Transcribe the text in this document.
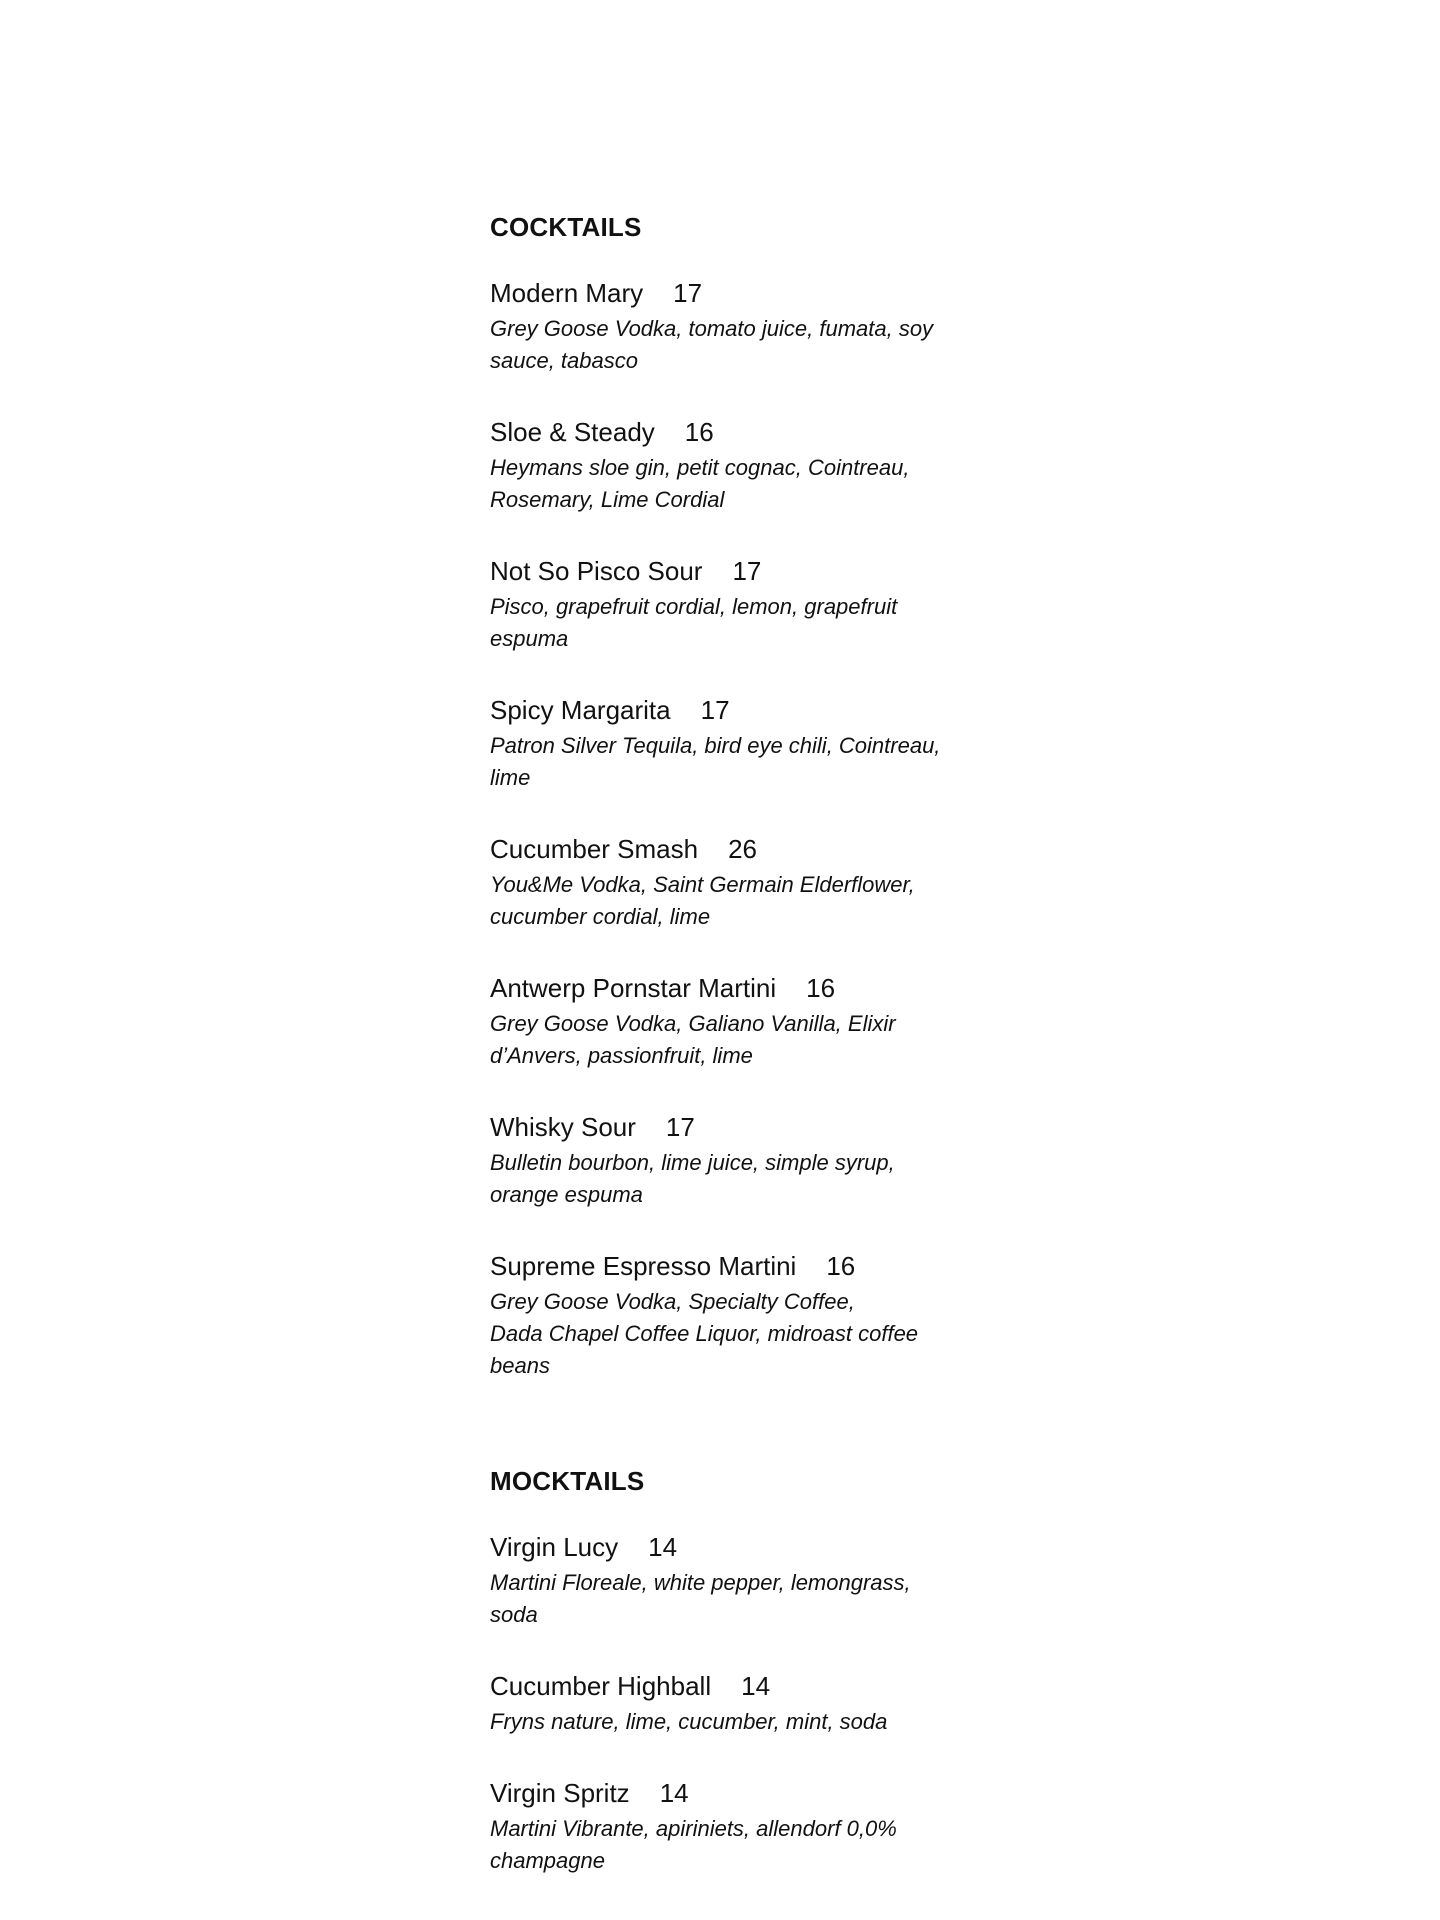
COCKTAILS
Modern Mary 17
Grey Goose Vodka, tomato juice, fumata, soy
sauce, tabasco
Sloe & Steady 16
Heymans sloe gin, petit cognac, Cointreau,
Rosemary, Lime Cordial
Not So Pisco Sour 17
Pisco, grapefruit cordial, lemon, grapefruit
espuma
Spicy Margarita 17
Patron Silver Tequila, bird eye chili, Cointreau,
lime
Cucumber Smash 26
You&Me Vodka, Saint Germain Elderflower,
cucumber cordial, lime
Antwerp Pornstar Martini 16
Grey Goose Vodka, Galiano Vanilla, Elixir
d’Anvers, passionfruit, lime
Whisky Sour 17
Bulletin bourbon, lime juice, simple syrup,
orange espuma
Supreme Espresso Martini 16
Grey Goose Vodka, Specialty Coffee,
Dada Chapel Coffee Liquor, midroast coffee
beans
MOCKTAILS
Virgin Lucy 14
Martini Floreale, white pepper, lemongrass,
soda
Cucumber Highball 14
Fryns nature, lime, cucumber, mint, soda
Virgin Spritz 14
Martini Vibrante, apiriniets, allendorf 0,0%
champagne
